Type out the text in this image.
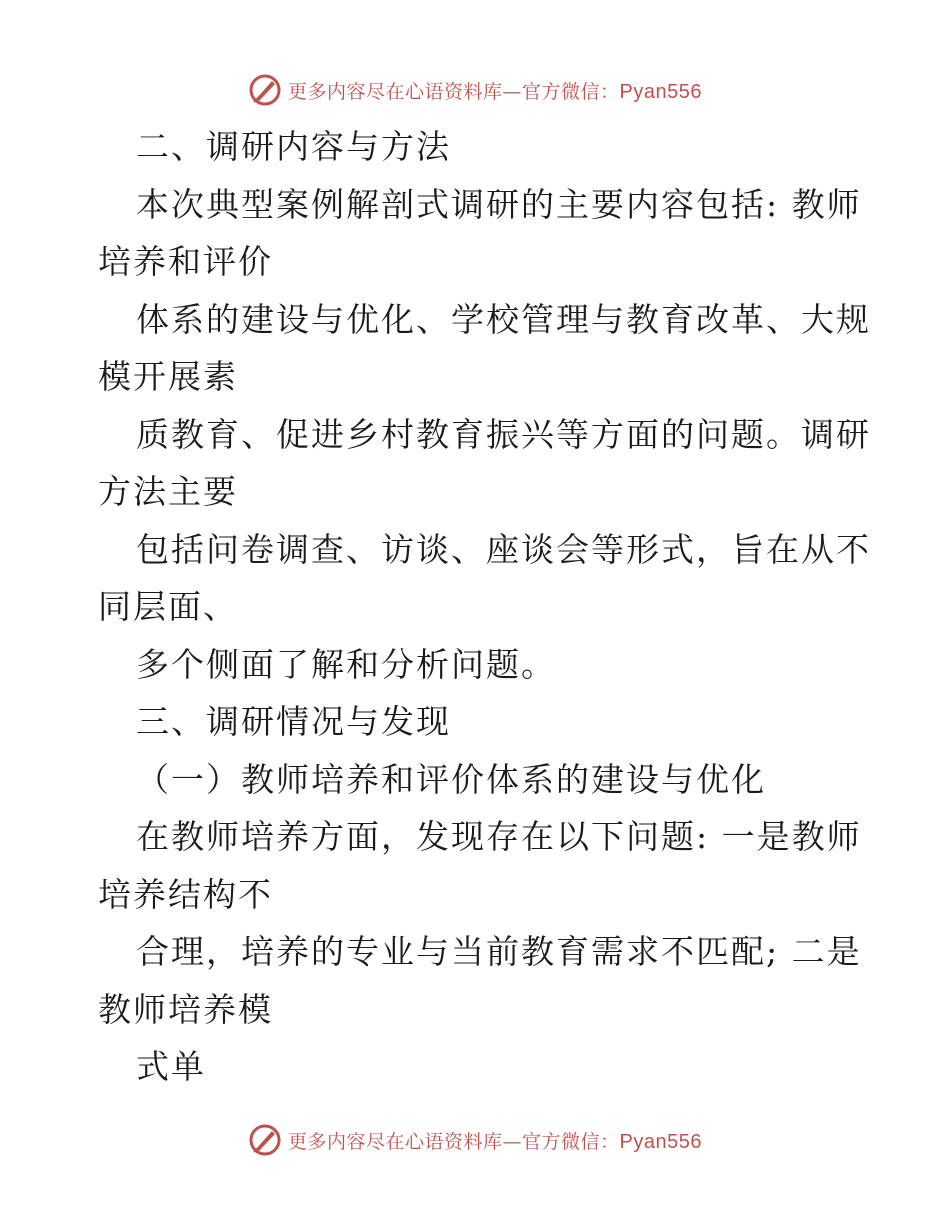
更多内容尽在心语资料库—官方微信：Pyan556
二、调研内容与方法
本次典型案例解剖式调研的主要内容包括: 教师
培养和评价
体系的建设与优化、学校管理与教育改革、大规
模开展素
质教育、促进乡村教育振兴等方面的问题。调研
方法主要
包括问卷调查、访谈、座谈会等形式，旨在从不
同层面、
多个侧面了解和分析问题。
三、调研情况与发现
（一）教师培养和评价体系的建设与优化
在教师培养方面，发现存在以下问题: 一是教师
培养结构不
合理，培养的专业与当前教育需求不匹配; 二是
教师培养模
式单
更多内容尽在心语资料库—官方微信：Pyan556
